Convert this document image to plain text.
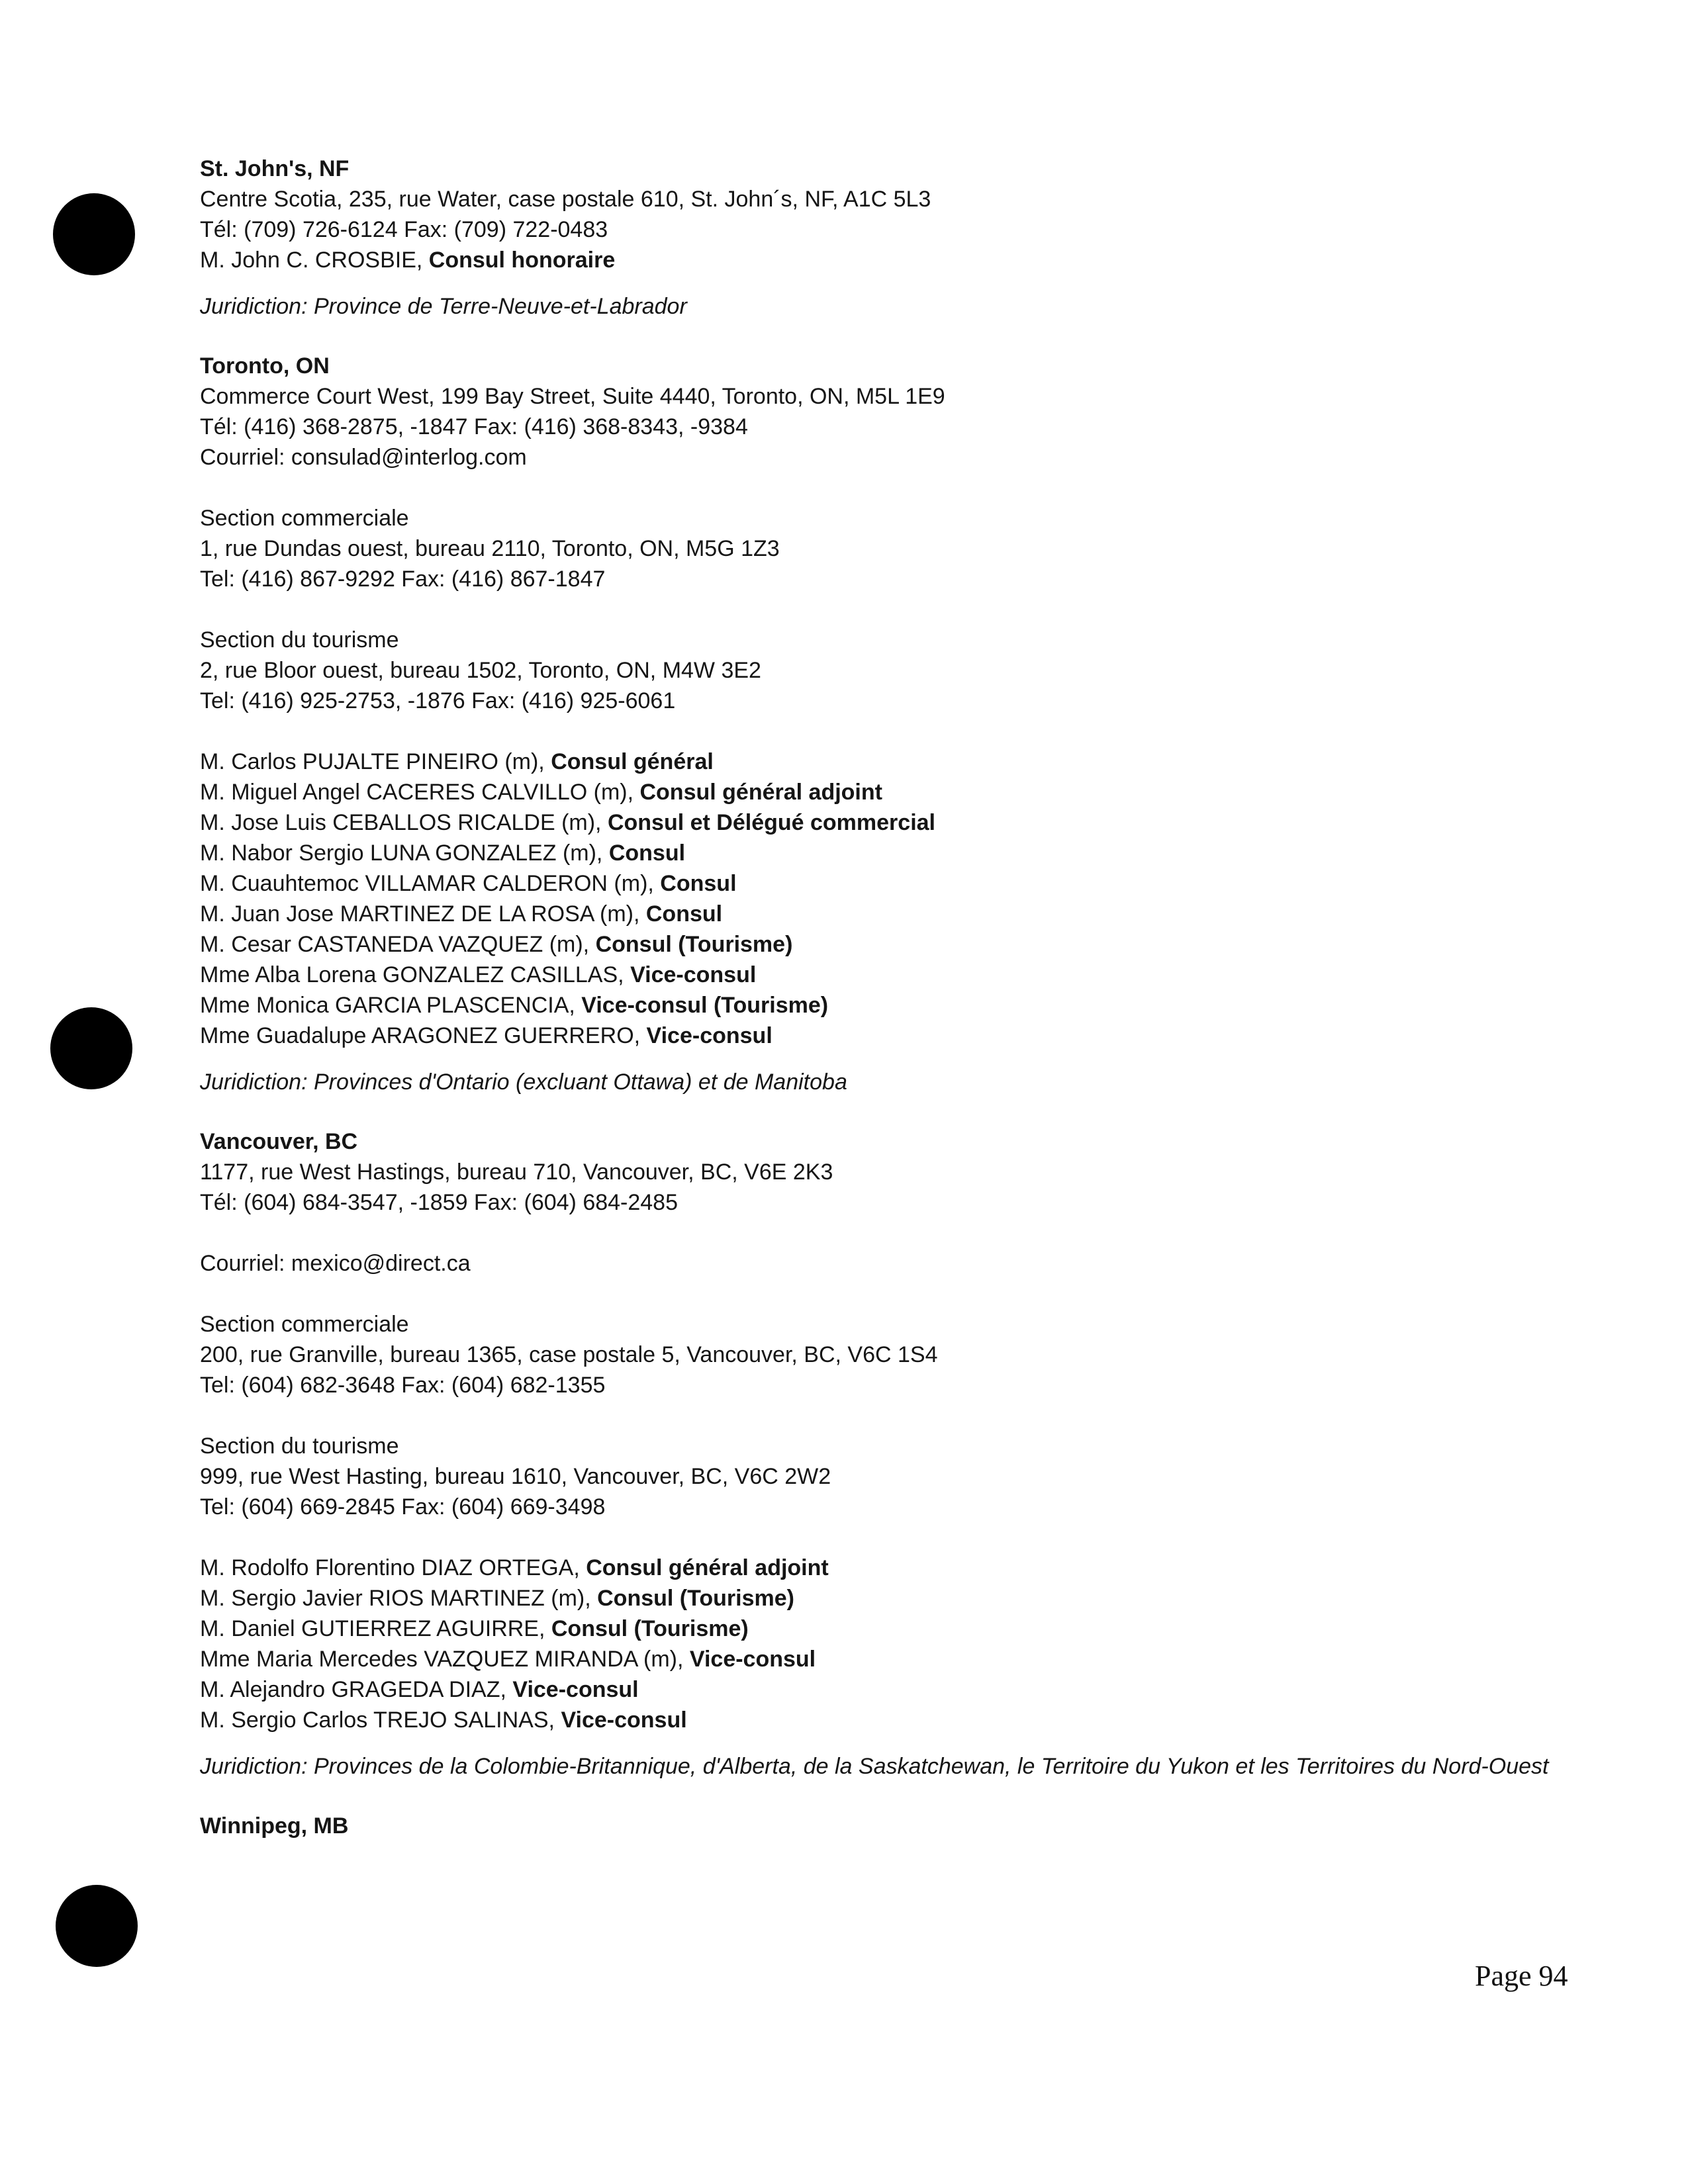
St. John's, NF
Centre Scotia, 235, rue Water, case postale 610, St. John´s, NF, A1C 5L3
Tél: (709) 726-6124 Fax: (709) 722-0483
M. John C. CROSBIE, Consul honoraire
Juridiction: Province de Terre-Neuve-et-Labrador
Toronto, ON
Commerce Court West, 199 Bay Street, Suite 4440, Toronto, ON, M5L 1E9
Tél: (416) 368-2875, -1847 Fax: (416) 368-8343, -9384
Courriel: consulad@interlog.com
Section commerciale
1, rue Dundas ouest, bureau 2110, Toronto, ON, M5G 1Z3
Tel: (416) 867-9292 Fax: (416) 867-1847
Section du tourisme
2, rue Bloor ouest, bureau 1502, Toronto, ON, M4W 3E2
Tel: (416) 925-2753, -1876 Fax: (416) 925-6061
M. Carlos PUJALTE PINEIRO (m), Consul général
M. Miguel Angel CACERES CALVILLO (m), Consul général adjoint
M. Jose Luis CEBALLOS RICALDE (m), Consul et Délégué commercial
M. Nabor Sergio LUNA GONZALEZ (m), Consul
M. Cuauhtemoc VILLAMAR CALDERON (m), Consul
M. Juan Jose MARTINEZ DE LA ROSA (m), Consul
M. Cesar CASTANEDA VAZQUEZ (m), Consul (Tourisme)
Mme Alba Lorena GONZALEZ CASILLAS, Vice-consul
Mme Monica GARCIA PLASCENCIA, Vice-consul (Tourisme)
Mme Guadalupe ARAGONEZ GUERRERO, Vice-consul
Juridiction: Provinces d'Ontario (excluant Ottawa) et de Manitoba
Vancouver, BC
1177, rue West Hastings, bureau 710, Vancouver, BC, V6E 2K3
Tél: (604) 684-3547, -1859 Fax: (604) 684-2485
Courriel: mexico@direct.ca
Section commerciale
200, rue Granville, bureau 1365, case postale 5, Vancouver, BC, V6C 1S4
Tel: (604) 682-3648 Fax: (604) 682-1355
Section du tourisme
999, rue West Hasting, bureau 1610, Vancouver, BC, V6C 2W2
Tel: (604) 669-2845 Fax: (604) 669-3498
M. Rodolfo Florentino DIAZ ORTEGA, Consul général adjoint
M. Sergio Javier RIOS MARTINEZ (m), Consul (Tourisme)
M. Daniel GUTIERREZ AGUIRRE, Consul (Tourisme)
Mme Maria Mercedes VAZQUEZ MIRANDA (m), Vice-consul
M. Alejandro GRAGEDA DIAZ, Vice-consul
M. Sergio Carlos TREJO SALINAS, Vice-consul
Juridiction: Provinces de la Colombie-Britannique, d'Alberta, de la Saskatchewan, le Territoire du Yukon et les Territoires du Nord-Ouest
Winnipeg, MB
Page 94
